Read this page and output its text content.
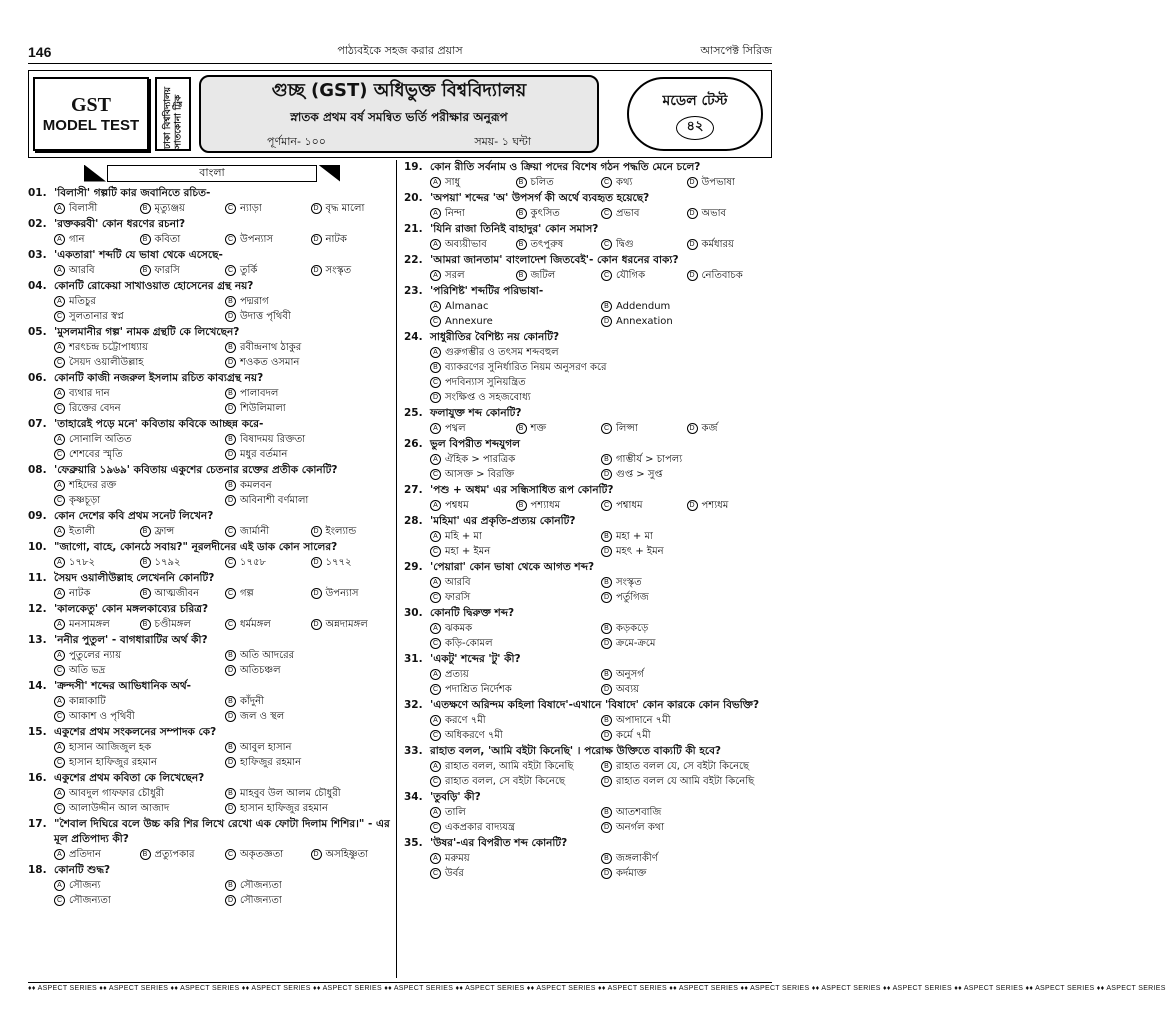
146	পাঠ্যবইকে সহজ করার প্রয়াস	আসপেক্ট সিরিজ
GST
MODEL TEST	ঢাকা বিশ্ববিদ্যালয় সাতকোনা ট্রিক
গুচ্ছ (GST) অধিভুক্ত বিশ্ববিদ্যালয়
স্নাতক প্রথম বর্ষ সমন্বিত ভর্তি পরীক্ষার অনুরূপ
পূর্ণমান- ১০০	সময়- ১ ঘন্টা
মডেল টেস্ট
৪২
বাংলা
01. 'বিলাসী' গল্পটি কার জবানিতে রচিত-
A বিলাসী	B মৃত্যুঞ্জয়	C ন্যাড়া	D বৃদ্ধ মালো
02. 'রক্তকরবী' কোন ধরণের রচনা?
A গান	B কবিতা	C উপন্যাস	D নাটক
03. 'একতারা' শব্দটি যে ভাষা থেকে এসেছে-
A আরবি	B ফারসি	C তুর্কি	D সংস্কৃত
04. কোনটি রোকেয়া সাখাওয়াত হোসেনের গ্রন্থ নয়?
A মতিচুর	B পদ্মরাগ
C সুলতানার স্বপ্ন	D উদাত্ত পৃথিবী
05. 'মুসলমানীর গল্প' নামক গ্রন্থটি কে লিখেছেন?
A শরৎচন্দ্র চট্টোপাধ্যায়	B রবীন্দ্রনাথ ঠাকুর
C সৈয়দ ওয়ালীউল্লাহ	D শওকত ওসমান
06. কোনটি কাজী নজরুল ইসলাম রচিত কাব্যগ্রন্থ নয়?
A ব্যথার দান	B পালাবদল
C রিক্তের বেদন	D শিউলিমালা
07. 'তাহারেই পড়ে মনে' কবিতায় কবিকে আচ্ছন্ন করে-
A সোনালি অতিত	B বিষাদময় রিক্ততা
C শেশবের স্মৃতি	D মধুর বর্তমান
08. 'ফেব্রুয়ারি ১৯৬৯' কবিতায় একুশের চেতনার রক্তের প্রতীক কোনটি?
A শহিদের রক্ত	B কমলবন
C কৃষ্ণচূড়া	D অবিনাশী বর্ণমালা
09. কোন দেশের কবি প্রথম সনেট লিখেন?
A ইতালী	B ফ্রান্স	C জার্মানী	D ইংল্যান্ড
10. "জাগো, বাহে, কোনঠে সবায়?" নূরলদীনের এই ডাক কোন সালের?
A ১৭৮২	B ১৭৯২	C ১৭৫৮	D ১৭৭২
11. সৈয়দ ওয়ালীউল্লাহ লেখেননি কোনটি?
A নাটক	B আত্মজীবন	C গল্প	D উপন্যাস
12. 'কালকেতু' কোন মঙ্গলকাব্যের চরিত্র?
A মনসামঙ্গল	B চণ্ডীমঙ্গল	C ধর্মমঙ্গল	D অন্নদামঙ্গল
13. 'ননীর পুতুল' - বাগধারাটির অর্থ কী?
A পুতুলের ন্যায়	B অতি আদরের
C অতি ভদ্র	D অতিচঞ্চল
14. 'ক্রন্দসী' শব্দের আভিধানিক অর্থ-
A কান্নাকাটি	B কাঁদুনী
C আকাশ ও পৃথিবী	D জল ও স্থল
15. একুশের প্রথম সংকলনের সম্পাদক কে?
A হাসান আজিজুল হক	B আবুল হাসান
C হাসান হাফিজুর রহমান	D হাফিজুর রহমান
16. একুশের প্রথম কবিতা কে লিখেছেন?
A আবদুল গাফফার চৌধুরী	B মাহবুব উল আলম চৌধুরী
C আলাউদ্দীন আল আজাদ	D হাসান হাফিজুর রহমান
17. "শৈবাল দিঘিরে বলে উচ্চ করি শির লিখে রেখো এক ফোটা দিলাম শিশির।" - এর মূল প্রতিপাদ্য কী?
A প্রতিদান	B প্রত্যুপকার	C অকৃতজ্ঞতা	D অসহিষ্ণুতা
18. কোনটি শুদ্ধ?
A সৌজন্য	B সৌজন্যতা
C সৌজন্যতা	D সৌজন্যতা
19. কোন রীতি সর্বনাম ও ক্রিয়া পদের বিশেষ গঠন পদ্ধতি মেনে চলে?
A সাধু	B চলিত	C কথ্য	D উপভাষা
20. 'অপয়া' শব্দের 'অ' উপসর্গ কী অর্থে ব্যবহৃত হয়েছে?
A নিন্দা	B কুৎসিত	C প্রভাব	D অভাব
21. 'যিনি রাজা তিনিই বাহাদুর' কোন সমাস?
A অব্যয়ীভাব	B তৎপুরুষ	C দ্বিগু	D কর্মধারয়
22. 'আমরা জানতাম' বাংলাদেশ জিতবেই'- কোন ধরনের বাক্য?
A সরল	B জটিল	C যৌগিক	D নেতিবাচক
23. 'পরিশিষ্ট' শব্দটির পরিভাষা-
A Almanac	B Addendum
C Annexure	D Annexation
24. সাধুরীতির বৈশিষ্ট্য নয় কোনটি?
A গুরুগম্ভীর ও তৎসম শব্দবহুল
B ব্যাকরণের সুনির্ধারিত নিয়ম অনুসরণ করে
C পদবিন্যাস সুনিয়ন্ত্রিত
D সংক্ষিপ্ত ও সহজবোধ্য
25. ফলাযুক্ত শব্দ কোনটি?
A পথ্বল	B শক্ত	C লিপ্সা	D কর্জ
26. ভুল বিপরীত শব্দযুগল
A ঐহিক > পারত্রিক	B গাম্ভীর্য > চাপল্য
C আসক্ত > বিরক্তি	D গুপ্ত > সুপ্ত
27. 'পশু + অধম' এর সন্ধিসাধিত রূপ কোনটি?
A পশ্বধম	B পশ্যাধম	C পশ্বাধম	D পশ্যধম
28. 'মহিমা' এর প্রকৃতি-প্রত্যয় কোনটি?
A মহি + মা	B মহা + মা
C মহা + ইমন	D মহৎ + ইমন
29. 'পেয়ারা' কোন ভাষা থেকে আগত শব্দ?
A আরবি	B সংস্কৃত
C ফারসি	D পর্তুগিজ
30. কোনটি দ্বিরুক্ত শব্দ?
A ঝকমক	B কড়কড়ে
C কড়ি-কোমল	D ক্রমে-ক্রমে
31. 'একটু' শব্দের 'টু' কী?
A প্রত্যয়	B অনুসর্গ
C পদাশ্রিত নির্দেশক	D অব্যয়
32. 'এতক্ষণে অরিন্দম কহিলা বিষাদে'-এখানে 'বিষাদে' কোন কারকে কোন বিভক্তি?
A করণে ৭মী	B অপাদানে ৭মী
C অধিকরণে ৭মী	D কর্মে ৭মী
33. রাহাত বলল, 'আমি বইটা কিনেছি' । পরোক্ষ উক্তিতে বাক্যটি কী হবে?
A রাহাত বলল, আমি বইটা কিনেছি	B রাহাত বলল যে, সে বইটা কিনেছে
C রাহাত বলল, সে বইটা কিনেছে	D রাহাত বলল যে আমি বইটা কিনেছি
34. 'তুবড়ি' কী?
A তালি	B আতশবাজি
C একপ্রকার বাদ্যযন্ত্র	D অনর্গল কথা
35. 'উষর'-এর বিপরীত শব্দ কোনটি?
A মরুময়	B জঙ্গলাকীর্ণ
C উর্বর	D কর্দমাক্ত
♦♦ ASPECT SERIES ♦♦ ASPECT SERIES ♦♦ ASPECT SERIES ♦♦ ASPECT SERIES ♦♦ ASPECT SERIES ♦♦ ASPECT SERIES ♦♦ ASPECT SERIES ♦♦ ASPECT SERIES ♦♦ ASPECT SERIES ♦♦ ASPECT SERIES ♦♦ ASPECT SERIES ♦♦ ASPECT SERIES ♦♦ ASPECT SERIES ♦♦ ASPECT SERIES ♦♦ ASPECT SERIES ♦♦ ASPECT SERIES
